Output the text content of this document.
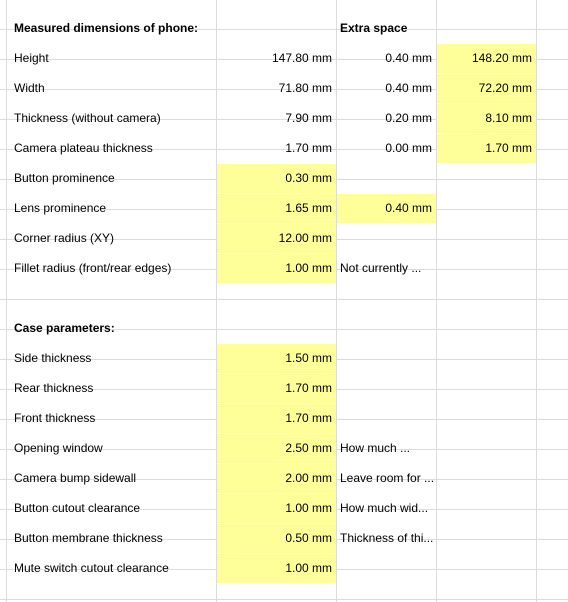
Measured dimensions of phone:	Extra space
Height	147.80 mm	0.40 mm	148.20 mm
Width	71.80 mm	0.40 mm	72.20 mm
Thickness (without camera)	7.90 mm	0.20 mm	8.10 mm
Camera plateau thickness	1.70 mm	0.00 mm	1.70 mm
Button prominence	0.30 mm
Lens prominence	1.65 mm	0.40 mm
Corner radius (XY)	12.00 mm
Fillet radius (front/rear edges)	1.00 mm Not currently ...
Case parameters:
Side thickness	1.50 mm
Rear thickness	1.70 mm
Front thickness	1.70 mm
Opening window	2.50 mm How much ...
Camera bump sidewall	2.00 mm Leave room for ...
Button cutout clearance	1.00 mm How much wid...
Button membrane thickness	0.50 mm Thickness of thi...
Mute switch cutout clearance	1.00 mm
